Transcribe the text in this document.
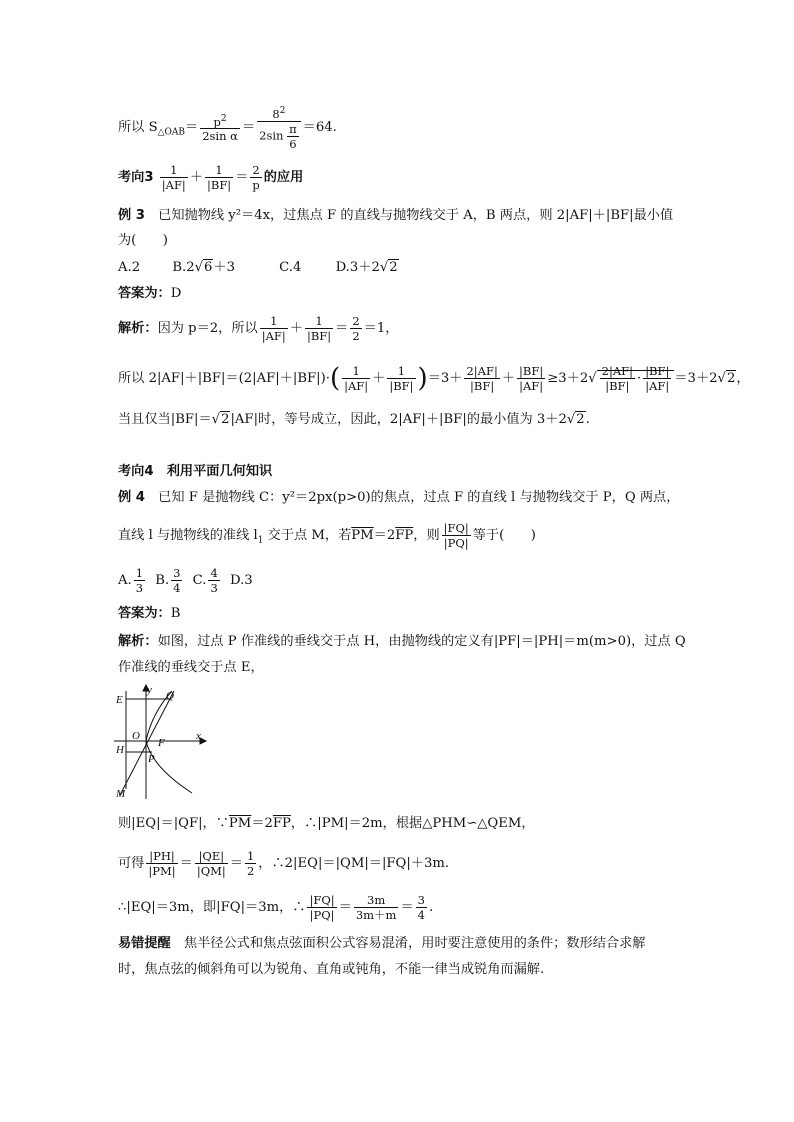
所以 $S_{\triangle OAB}= \frac{p^2}{\text{2sin α}} = \frac{8^2}{2\sin \frac{\pi}{6}} =64$.
考向$3 \frac{1}{|AF|} + \frac{1}{|BF|} = \frac{2}{p}$ 的应用
例 3　 已知抛物线 y²＝4x，过焦点 F 的直线与抛物线交于 A，B 两点，则 2|AF|＋|BF|最小值
为(　　)
A.2 B.2√6＋3	C.4	D.3＋2√2
答案为：D
解析：因为 p＝2，所以 $\frac{1}{|AF|} + \frac{1}{|BF|} = \frac{2}{2} =1$，
所以 $2|AF|+|BF|=(2|AF|+|BF|)\cdot( \frac{1}{|AF|} + \frac{1}{|BF|} )=3+ \frac{2|AF|}{|BF|} + \frac{|BF|}{|AF|} \ge 3+2√ \frac{2|AF|}{|BF|} \cdot \frac{|BF|}{|AF|} =3+2√2$，
当且仅当|BF|＝√2|AF|时，等号成立，因此，2|AF|＋|BF|的最小值为 3＋2√2.
考向4　 利用平面几何知识
例 4　 已知 F 是抛物线 C：y²＝2px(p>0)的焦点，过点 F 的直线 l 与抛物线交于 P，Q 两点，
直线 l 与抛物线的准线 $l_1$ 交于点 M，若$\overline{PM}=2\overline{FP}$，则 $\frac{|FQ|}{|PQ|}$ 等于(　　)
A. $\frac{1}{3} B$. $\frac{3}{4} C$. $\frac{4}{3} D.3$
答案为：B
解析：如图，过点 P 作准线的垂线交于点 H，由抛物线的定义有|PF|＝|PH|＝m(m>0)，过点 Q
作准线的垂线交于点 E，
E
y Q
H
O
F
x
P
M
则|EQ|＝|QF|，$\because\overline{PM}=2\overline{FP}$，∴|PM|＝2m，根据△PHM∽△QEM，
可得 $\frac{|PH|}{|PM|} = \frac{|QE|}{|QM|} = \frac{1}{2}$ ，∴2|EQ|＝|QM|＝|FQ|＋3m.
∴|EQ|＝3m，即|FQ|＝3m，∴ $\frac{|FQ|}{|PQ|} = \frac{3m}{3m+m} = \frac{3}{4}$ .
易错提醒　 焦半径公式和焦点弦面积公式容易混淆，用时要注意使用的条件；数形结合求解
时，焦点弦的倾斜角可以为锐角、直角或钝角，不能一律当成锐角而漏解.
